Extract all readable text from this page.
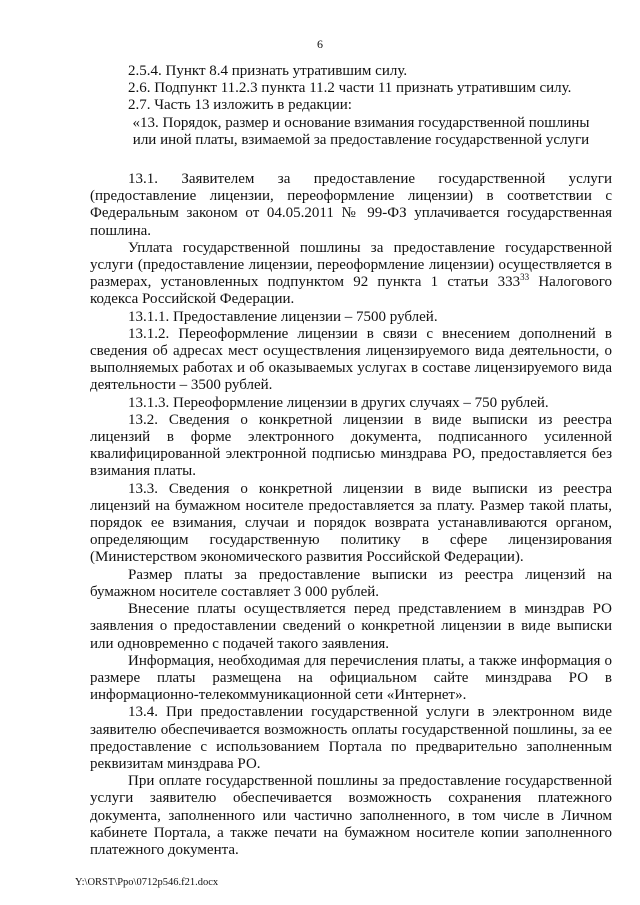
6

2.5.4. Пункт 8.4 признать утратившим силу.

2.6. Подпункт 11.2.3 пункта 11.2 части 11 признать утратившим силу.

2.7. Часть 13 изложить в редакции:

«13. Порядок, размер и основание взимания государственной пошлины
или иной платы, взимаемой за предоставление государственной услуги

13.1. Заявителем за предоставление государственной услуги (предоставление лицензии, переоформление лицензии) в соответствии с Федеральным законом от 04.05.2011 № 99-ФЗ уплачивается государственная пошлина.

Уплата государственной пошлины за предоставление государственной услуги (предоставление лицензии, переоформление лицензии) осуществляется в размерах, установленных подпунктом 92 пункта 1 статьи $333^{33}$ Налогового кодекса Российской Федерации.

13.1.1. Предоставление лицензии – 7500 рублей.

13.1.2. Переоформление лицензии в связи с внесением дополнений в сведения об адресах мест осуществления лицензируемого вида деятельности, о выполняемых работах и об оказываемых услугах в составе лицензируемого вида деятельности – 3500 рублей.

13.1.3. Переоформление лицензии в других случаях – 750 рублей.

13.2. Сведения о конкретной лицензии в виде выписки из реестра лицензий в форме электронного документа, подписанного усиленной квалифицированной электронной подписью минздрава РО, предоставляется без взимания платы.

13.3. Сведения о конкретной лицензии в виде выписки из реестра лицензий на бумажном носителе предоставляется за плату. Размер такой платы, порядок ее взимания, случаи и порядок возврата устанавливаются органом, определяющим государственную политику в сфере лицензирования (Министерством экономического развития Российской Федерации).

Размер платы за предоставление выписки из реестра лицензий на бумажном носителе составляет 3 000 рублей.

Внесение платы осуществляется перед представлением в минздрав РО заявления о предоставлении сведений о конкретной лицензии в виде выписки или одновременно с подачей такого заявления.

Информация, необходимая для перечисления платы, а также информация о размере платы размещена на официальном сайте минздрава РО в информационно-телекоммуникационной сети «Интернет».

13.4. При предоставлении государственной услуги в электронном виде заявителю обеспечивается возможность оплаты государственной пошлины, за ее предоставление с использованием Портала по предварительно заполненным реквизитам минздрава РО.

При оплате государственной пошлины за предоставление государственной услуги заявителю обеспечивается возможность сохранения платежного документа, заполненного или частично заполненного, в том числе в Личном кабинете Портала, а также печати на бумажном носителе копии заполненного платежного документа.

Y:\ORST\Ppo\0712p546.f21.docx
